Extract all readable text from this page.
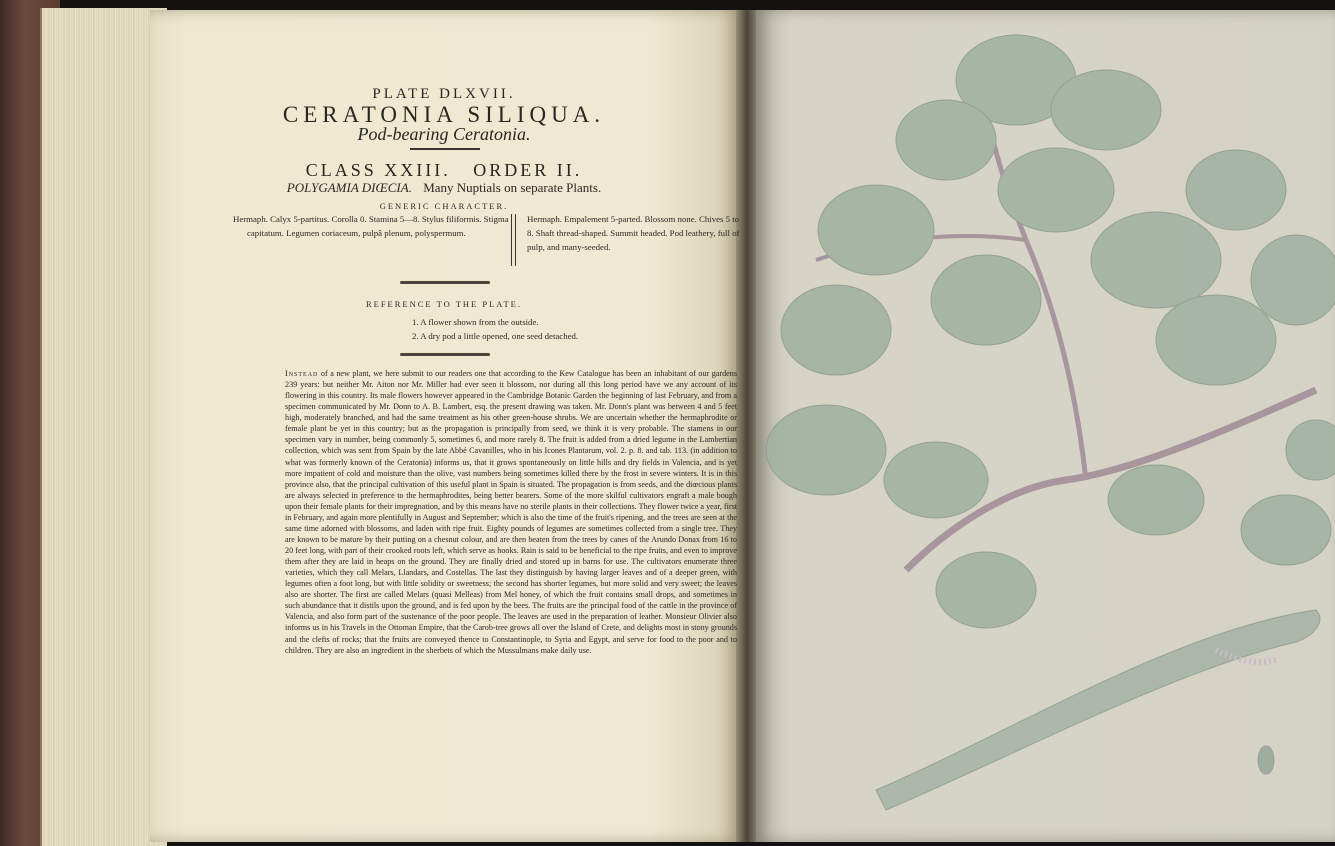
PLATE DLXVII.
CERATONIA SILIQUA.
Pod-bearing Ceratonia.
CLASS XXIII.   ORDER II.
POLYGAMIA DIŒCIA. Many Nuptials on separate Plants.
GENERIC CHARACTER.
Hermaph. Calyx 5-partitus. Corolla 0. Stamina 5—8. Stylus filiformis. Stigma capitatum. Legumen coriaceum, pulpâ plenum, polyspermum.
Hermaph. Empalement 5-parted. Blossom none. Chives 5 to 8. Shaft thread-shaped. Summit headed. Pod leathery, full of pulp, and many-seeded.
REFERENCE TO THE PLATE.
1. A flower shown from the outside.
2. A dry pod a little opened, one seed detached.
Instead of a new plant, we here submit to our readers one that according to the Kew Catalogue has been an inhabitant of our gardens 239 years: but neither Mr. Aiton nor Mr. Miller had ever seen it blossom, nor during all this long period have we any account of its flowering in this country. Its male flowers however appeared in the Cambridge Botanic Garden the beginning of last February, and from a specimen communicated by Mr. Donn to A. B. Lambert, esq. the present drawing was taken. Mr. Donn's plant was between 4 and 5 feet high, moderately branched, and had the same treatment as his other green-house shrubs. We are uncertain whether the hermaphrodite or female plant be yet in this country; but as the propagation is principally from seed, we think it is very probable. The stamens in our specimen vary in number, being commonly 5, sometimes 6, and more rarely 8. The fruit is added from a dried legume in the Lambertian collection, which was sent from Spain by the late Abbé Cavanilles, who in his Icones Plantarum, vol. 2. p. 8. and tab. 113. (in addition to what was formerly known of the Ceratonia) informs us, that it grows spontaneously on little hills and dry fields in Valencia, and is yet more impatient of cold and moisture than the olive, vast numbers being sometimes killed there by the frost in severe winters. It is in this province also, that the principal cultivation of this useful plant in Spain is situated. The propagation is from seeds, and the diœcious plants are always selected in preference to the hermaphrodites, being better bearers. Some of the more skilful cultivators engraft a male bough upon their female plants for their impregnation, and by this means have no sterile plants in their collections. They flower twice a year, first in February, and again more plentifully in August and September; which is also the time of the fruit's ripening, and the trees are seen at the same time adorned with blossoms, and laden with ripe fruit. Eighty pounds of legumes are sometimes collected from a single tree. They are known to be mature by their putting on a chesnut colour, and are then beaten from the trees by canes of the Arundo Donax from 16 to 20 feet long, with part of their crooked roots left, which serve as hooks. Rain is said to be beneficial to the ripe fruits, and even to improve them after they are laid in heaps on the ground. They are finally dried and stored up in barns for use. The cultivators enumerate three varieties, which they call Melars, Llandars, and Costellas. The last they distinguish by having larger leaves and of a deeper green, with legumes often a foot long, but with little solidity or sweetness; the second has shorter legumes, but more solid and very sweet; the leaves also are shorter. The first are called Melars (quasi Melleas) from Mel honey, of which the fruit contains small drops, and sometimes in such abundance that it distils upon the ground, and is fed upon by the bees. The fruits are the principal food of the cattle in the province of Valencia, and also form part of the sustenance of the poor people. The leaves are used in the preparation of leather. Monsieur Olivier also informs us in his Travels in the Ottoman Empire, that the Carob-tree grows all over the Island of Crete, and delights most in stony grounds and the clefts of rocks; that the fruits are conveyed thence to Constantinople, to Syria and Egypt, and serve for food to the poor and to children. They are also an ingredient in the sherbets of which the Mussulmans make daily use.
